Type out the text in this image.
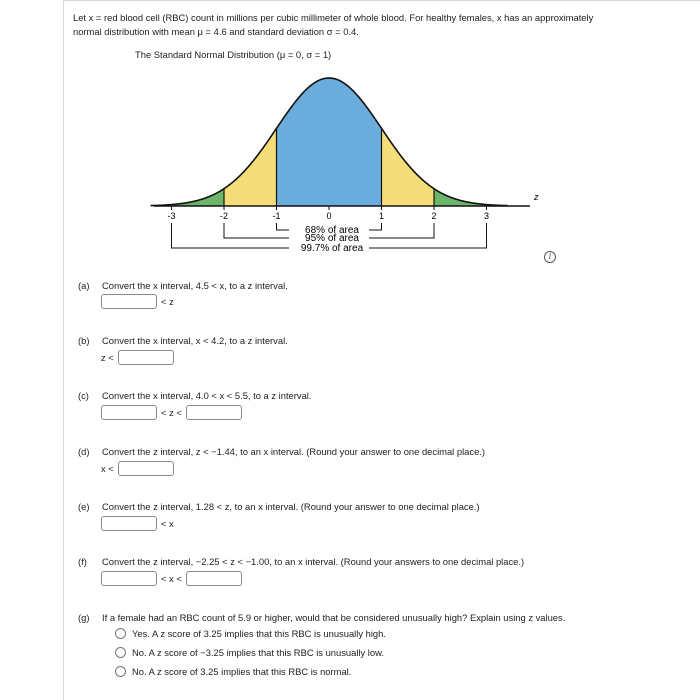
Let x = red blood cell (RBC) count in millions per cubic millimeter of whole blood. For healthy females, x has an approximately
normal distribution with mean μ = 4.6 and standard deviation σ = 0.4.
The Standard Normal Distribution (μ = 0, σ = 1)
-3	-2	-1	0	1	2	3
z
68% of area
95% of area
99.7% of area
i
(a) Convert the x interval, 4.5 < x, to a z interval.
< z
(b) Convert the x interval, x < 4.2, to a z interval.
z <
(c) Convert the x interval, 4.0 < x < 5.5, to a z interval.
< z <
(d) Convert the z interval, z < −1.44, to an x interval. (Round your answer to one decimal place.)
x <
(e) Convert the z interval, 1.28 < z, to an x interval. (Round your answer to one decimal place.)
< x
(f) Convert the z interval, −2.25 < z < −1.00, to an x interval. (Round your answers to one decimal place.)
< x <
(g) If a female had an RBC count of 5.9 or higher, would that be considered unusually high? Explain using z values.
Yes. A z score of 3.25 implies that this RBC is unusually high.
No. A z score of −3.25 implies that this RBC is unusually low.
No. A z score of 3.25 implies that this RBC is normal.
